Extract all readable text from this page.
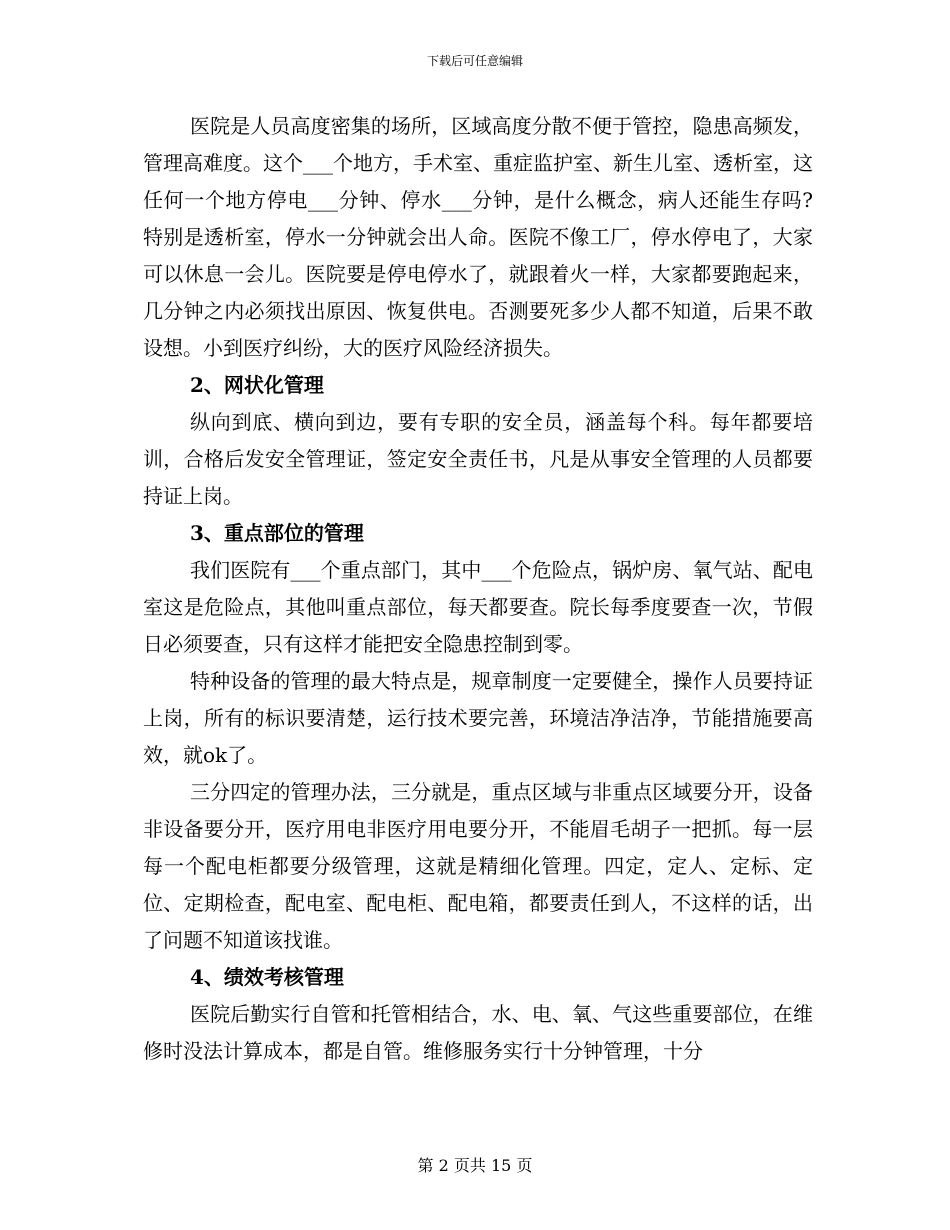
下载后可任意编辑

医院是人员高度密集的场所，区域高度分散不便于管控，隐患高频发，管理高难度。这个___个地方，手术室、重症监护室、新生儿室、透析室，这任何一个地方停电___分钟、停水___分钟，是什么概念，病人还能生存吗?特别是透析室，停水一分钟就会出人命。医院不像工厂，停水停电了，大家可以休息一会儿。医院要是停电停水了，就跟着火一样，大家都要跑起来，几分钟之内必须找出原因、恢复供电。否测要死多少人都不知道，后果不敢设想。小到医疗纠纷，大的医疗风险经济损失。

2、网状化管理

纵向到底、横向到边，要有专职的安全员，涵盖每个科。每年都要培训，合格后发安全管理证，签定安全责任书，凡是从事安全管理的人员都要持证上岗。

3、重点部位的管理

我们医院有___个重点部门，其中___个危险点，锅炉房、氧气站、配电室这是危险点，其他叫重点部位，每天都要查。院长每季度要查一次，节假日必须要查，只有这样才能把安全隐患控制到零。

特种设备的管理的最大特点是，规章制度一定要健全，操作人员要持证上岗，所有的标识要清楚，运行技术要完善，环境洁净洁净，节能措施要高效，就ok了。

三分四定的管理办法，三分就是，重点区域与非重点区域要分开，设备非设备要分开，医疗用电非医疗用电要分开，不能眉毛胡子一把抓。每一层每一个配电柜都要分级管理，这就是精细化管理。四定，定人、定标、定位、定期检查，配电室、配电柜、配电箱，都要责任到人，不这样的话，出了问题不知道该找谁。

4、绩效考核管理

医院后勤实行自管和托管相结合，水、电、氧、气这些重要部位，在维修时没法计算成本，都是自管。维修服务实行十分钟管理，十分

第 2 页共 15 页
